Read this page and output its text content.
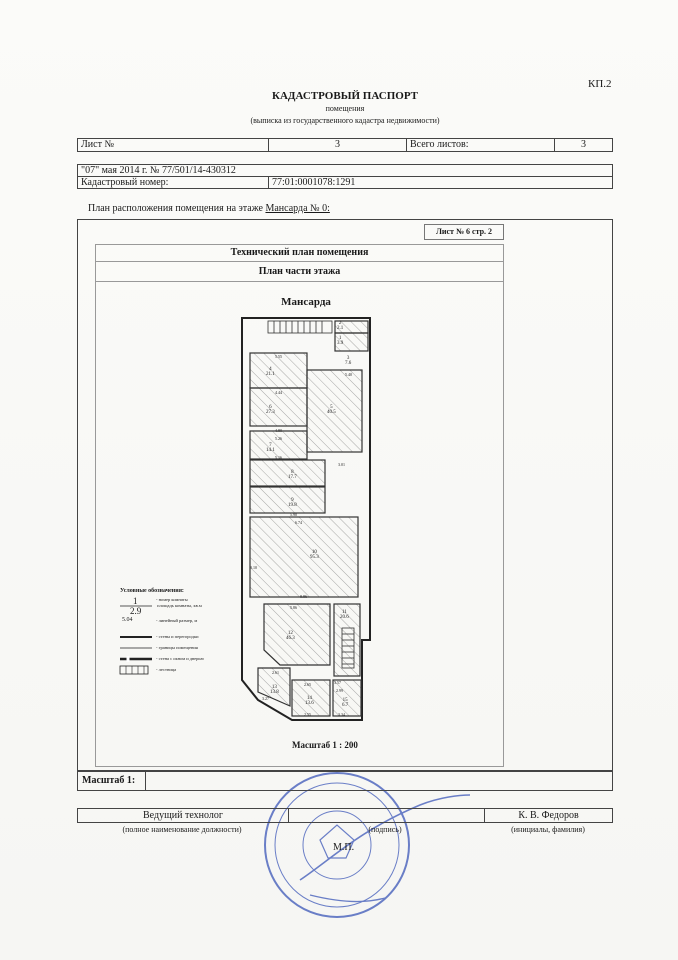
КП.2
КАДАСТРОВЫЙ ПАСПОРТ
помещения
(выписка из государственного кадастра недвижимости)
Лист №	3	Всего листов:	3
"07" мая 2014 г. № 77/501/14-430312
Кадастровый номер:	77:01:0001078:1291
План расположения помещения на этаже Мансарда № 0:
Лист № 6 стр. 2
Технический план помещения
План части этажа
Мансарда
2
2.1
3
7.6
1
3.9
4
21.1
6
27.3
5
40.5
7
14.1
8
17.7
9
19.8
10
95.3
11
20.6
12
46.3
13
13.8
14
13.6
15
6.7
5.55
5.40
4.44
4.80
5.26
5.16
3.01
5.90
6.74
9.10
8.86
5.86
3.57
2.99
2.61
2.65
2.55	3.34
3.27
Условные обозначения:
1
2.9
- номер комнаты
площадь комнаты, кв.м
5.04	- линейный размер, м
- стены и перегородки
- границы помещения
- стена с окном и дверью
- лестница
Масштаб 1 : 200
Масштаб 1:
Ведущий технолог	К. В. Федоров
(полное наименование должности)	(подпись)	(инициалы, фамилия)
М.П.
